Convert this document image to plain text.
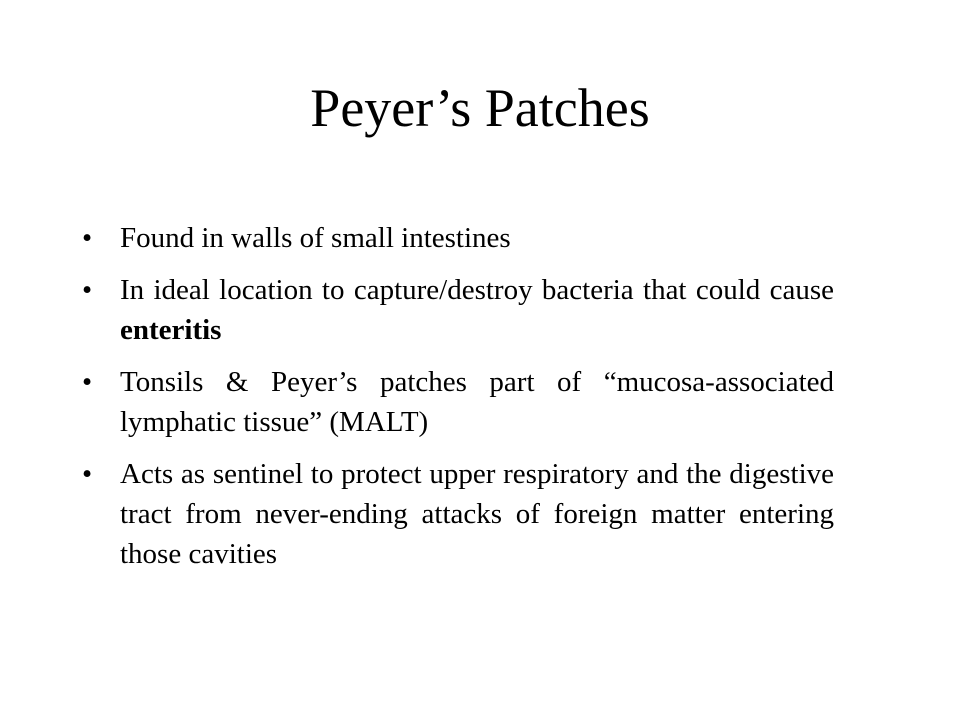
Peyer’s Patches
• Found in walls of small intestines
• In ideal location to capture/destroy bacteria that could cause enteritis
• Tonsils & Peyer’s patches part of “mucosa-associated lymphatic tissue” (MALT)
• Acts as sentinel to protect upper respiratory and the digestive tract from never-ending attacks of foreign matter entering those cavities
